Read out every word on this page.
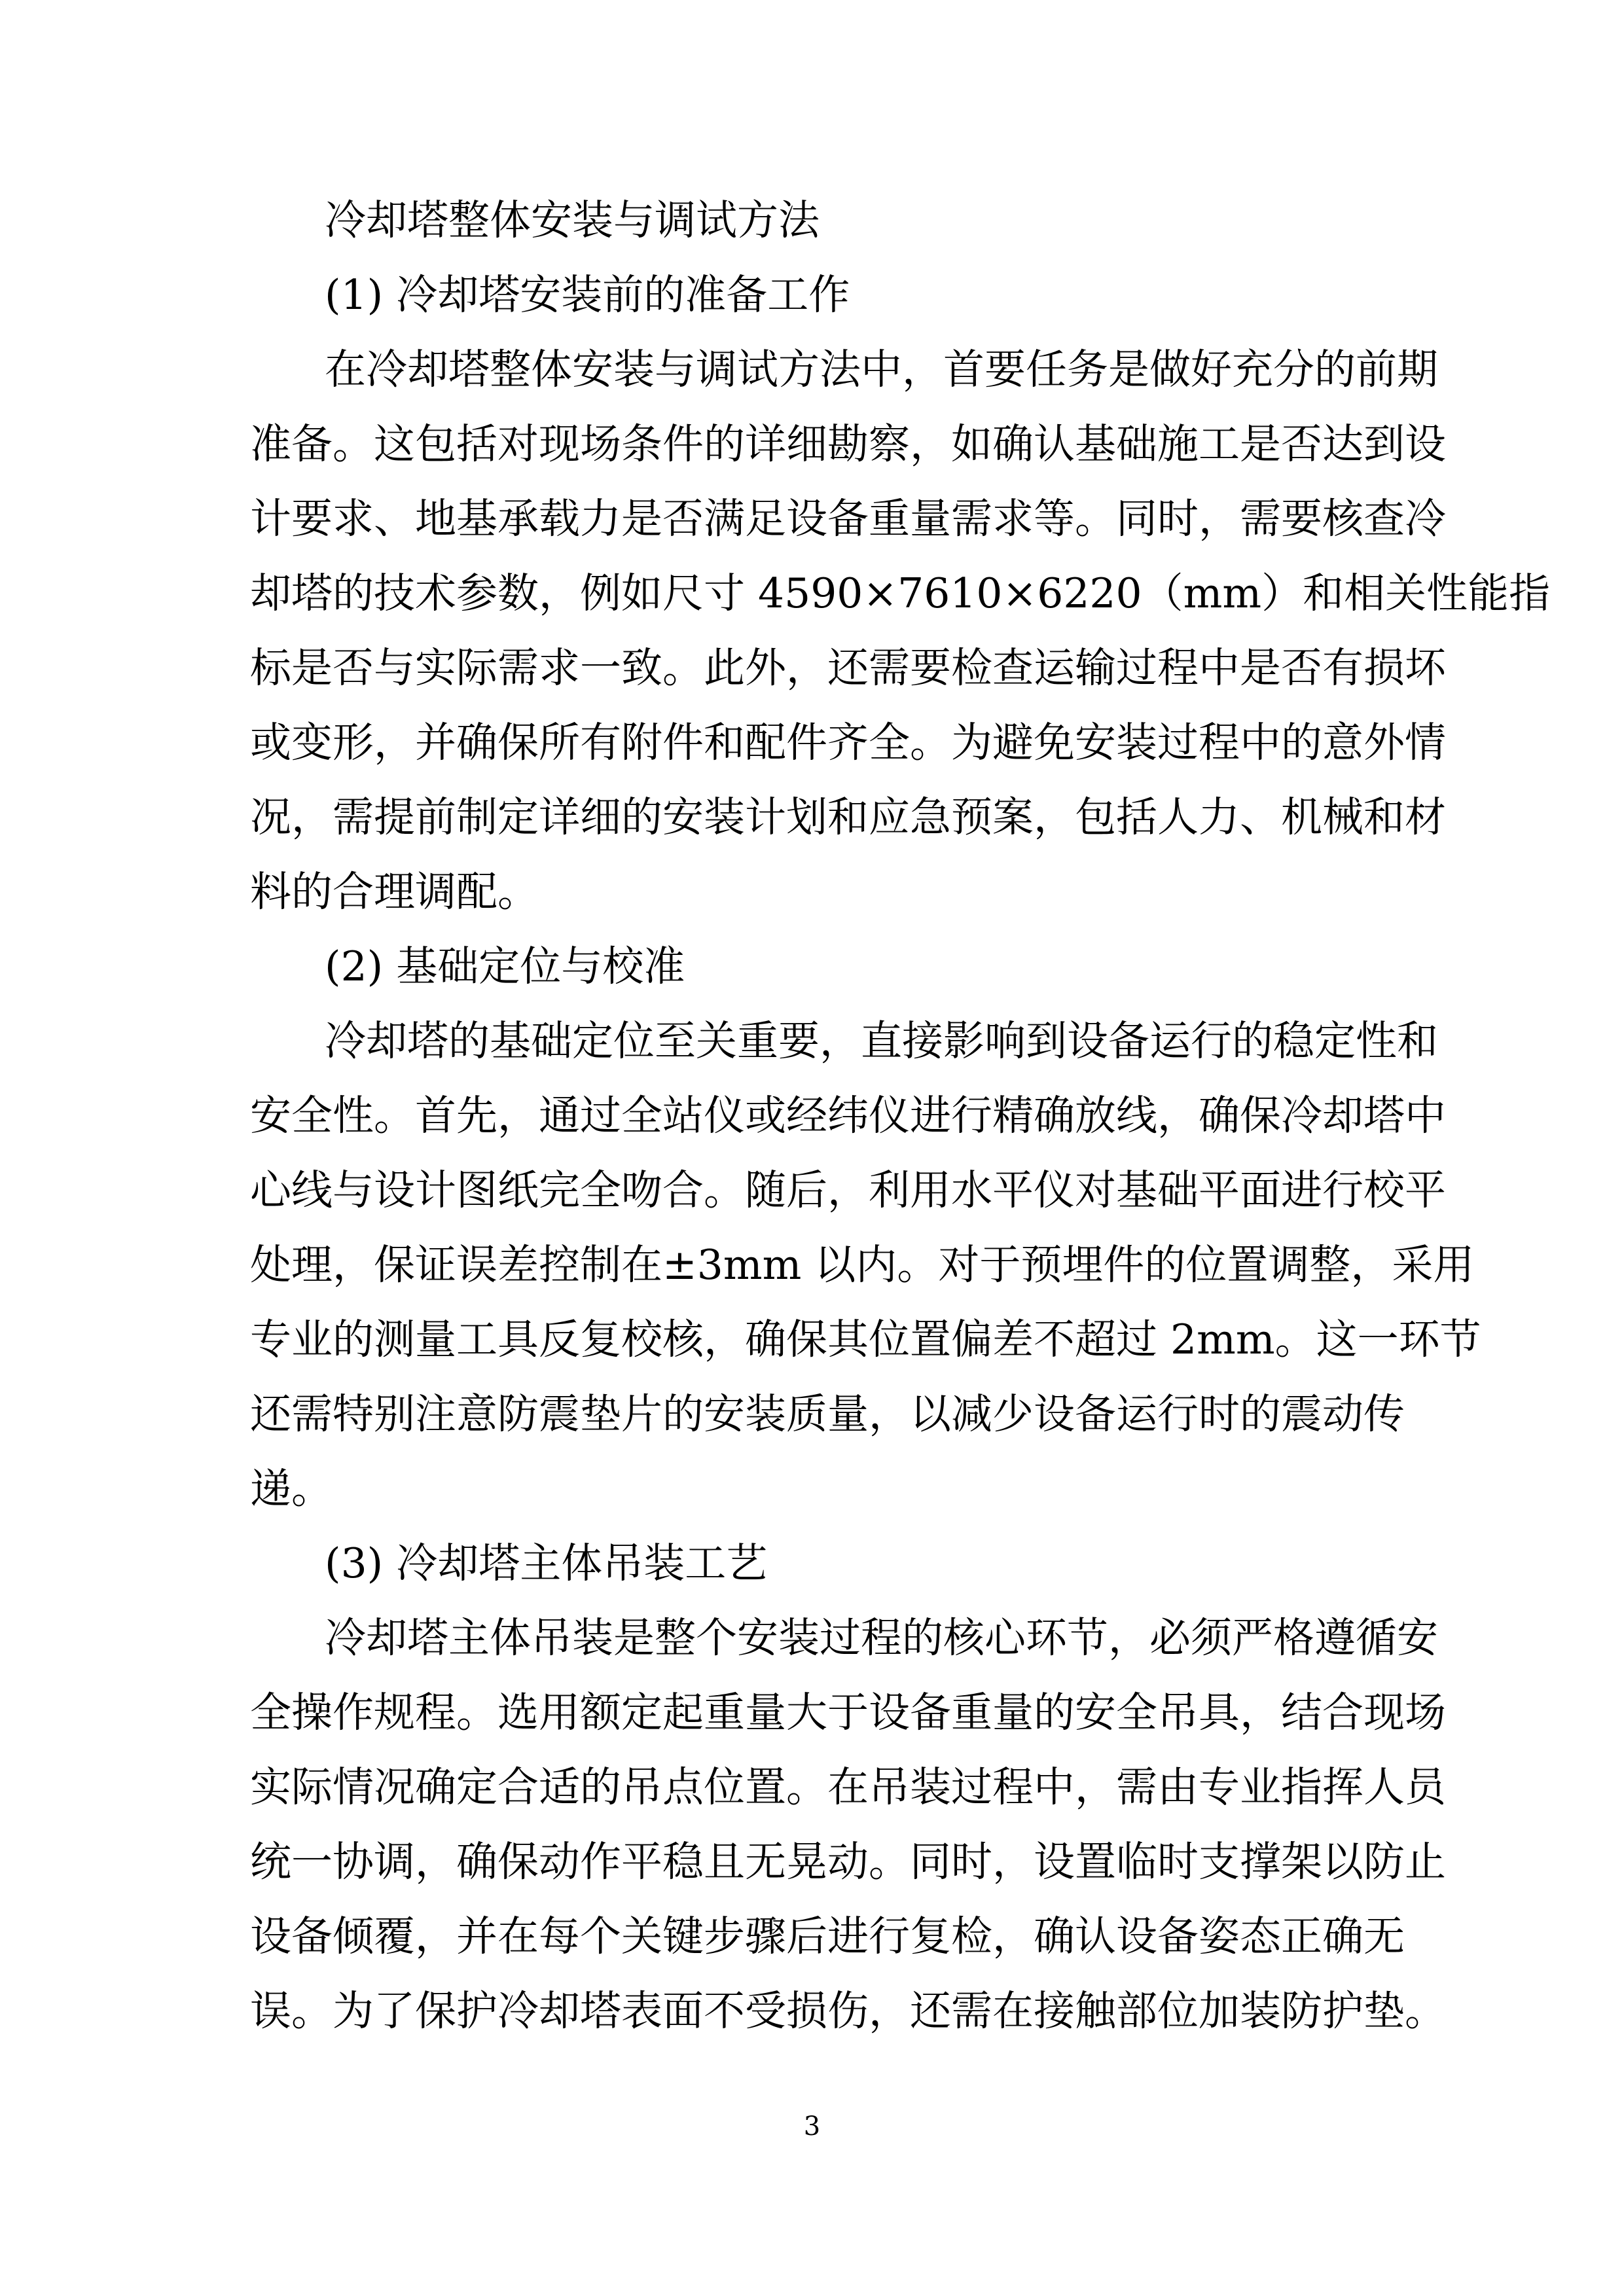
冷却塔整体安装与调试方法
(1) 冷却塔安装前的准备工作
在冷却塔整体安装与调试方法中，首要任务是做好充分的前期
准备。这包括对现场条件的详细勘察，如确认基础施工是否达到设
计要求、地基承载力是否满足设备重量需求等。同时，需要核查冷
却塔的技术参数，例如尺寸 4590×7610×6220（mm）和相关性能指
标是否与实际需求一致。此外，还需要检查运输过程中是否有损坏
或变形，并确保所有附件和配件齐全。为避免安装过程中的意外情
况，需提前制定详细的安装计划和应急预案，包括人力、机械和材
料的合理调配。
(2) 基础定位与校准
冷却塔的基础定位至关重要，直接影响到设备运行的稳定性和
安全性。首先，通过全站仪或经纬仪进行精确放线，确保冷却塔中
心线与设计图纸完全吻合。随后，利用水平仪对基础平面进行校平
处理，保证误差控制在±3mm 以内。对于预埋件的位置调整，采用
专业的测量工具反复校核，确保其位置偏差不超过 2mm。这一环节
还需特别注意防震垫片的安装质量，以减少设备运行时的震动传
递。
(3) 冷却塔主体吊装工艺
冷却塔主体吊装是整个安装过程的核心环节，必须严格遵循安
全操作规程。选用额定起重量大于设备重量的安全吊具，结合现场
实际情况确定合适的吊点位置。在吊装过程中，需由专业指挥人员
统一协调，确保动作平稳且无晃动。同时，设置临时支撑架以防止
设备倾覆，并在每个关键步骤后进行复检，确认设备姿态正确无
误。为了保护冷却塔表面不受损伤，还需在接触部位加装防护垫。
3
